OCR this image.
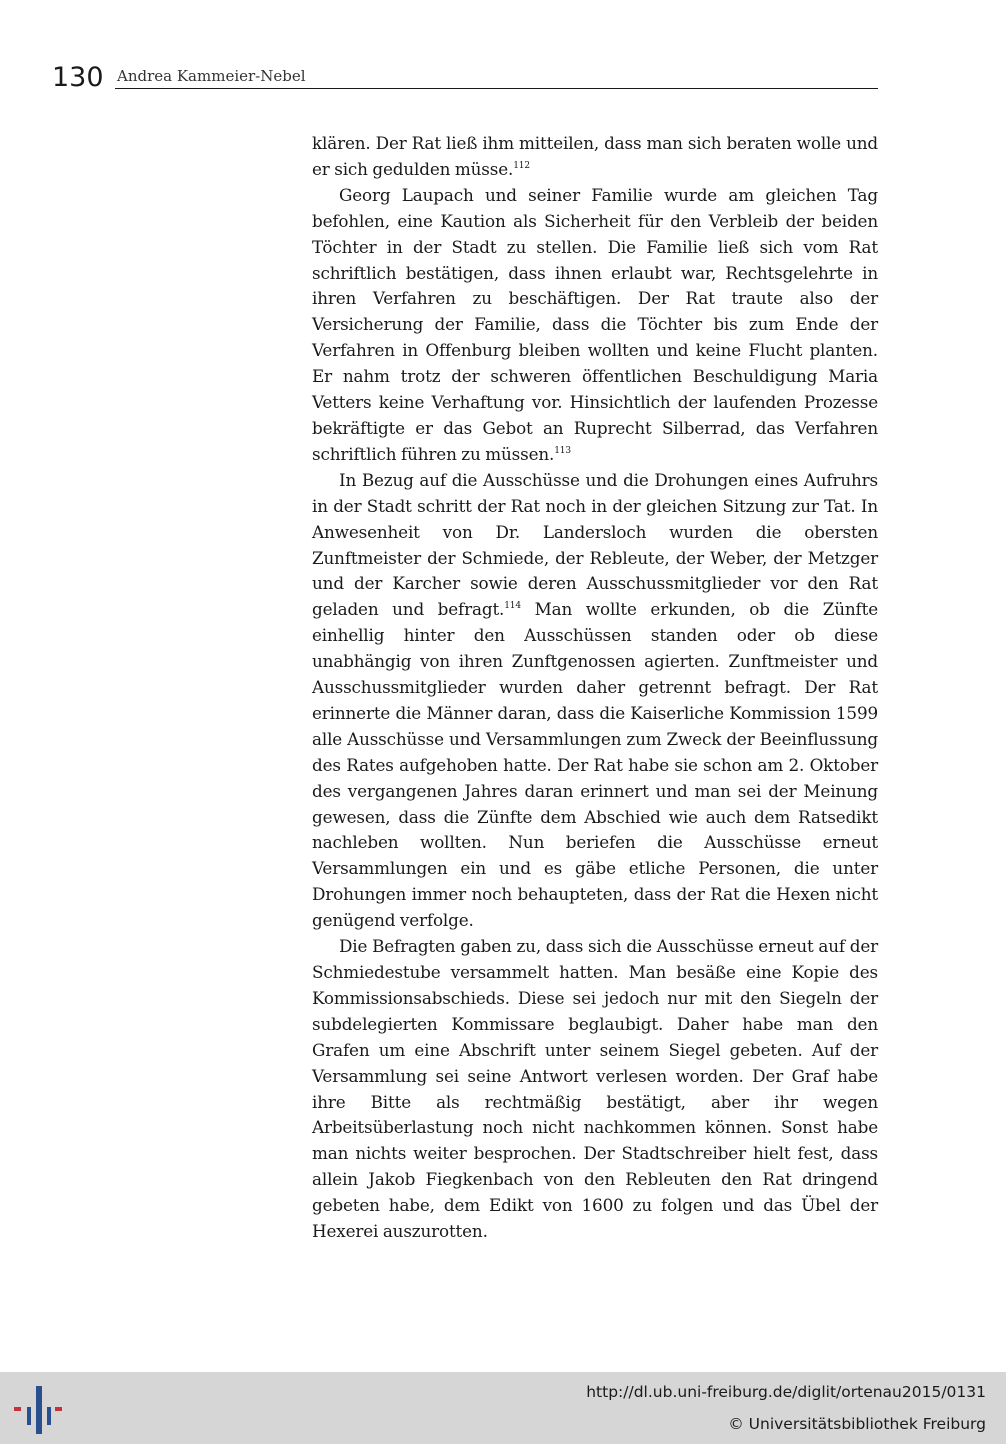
130 Andrea Kammeier-Nebel

klären. Der Rat ließ ihm mitteilen, dass man sich beraten wolle und er sich gedulden müsse.$^{112}$

Georg Laupach und seiner Familie wurde am gleichen Tag befohlen, eine Kaution als Sicherheit für den Verbleib der beiden Töchter in der Stadt zu stellen. Die Familie ließ sich vom Rat schriftlich bestätigen, dass ihnen erlaubt war, Rechtsgelehrte in ihren Verfahren zu beschäftigen. Der Rat traute also der Versicherung der Familie, dass die Töchter bis zum Ende der Verfahren in Offenburg bleiben wollten und keine Flucht planten. Er nahm trotz der schweren öffentlichen Beschuldigung Maria Vetters keine Verhaftung vor. Hinsichtlich der laufenden Prozesse bekräftigte er das Gebot an Ruprecht Silberrad, das Verfahren schriftlich führen zu müssen.$^{113}$

In Bezug auf die Ausschüsse und die Drohungen eines Aufruhrs in der Stadt schritt der Rat noch in der gleichen Sitzung zur Tat. In Anwesenheit von Dr. Landersloch wurden die obersten Zunftmeister der Schmiede, der Rebleute, der Weber, der Metzger und der Karcher sowie deren Ausschussmitglieder vor den Rat geladen und befragt.$^{114}$ Man wollte erkunden, ob die Zünfte einhellig hinter den Ausschüssen standen oder ob diese unabhängig von ihren Zunftgenossen agierten. Zunftmeister und Ausschussmitglieder wurden daher getrennt befragt. Der Rat erinnerte die Männer daran, dass die Kaiserliche Kommission 1599 alle Ausschüsse und Versammlungen zum Zweck der Beeinflussung des Rates aufgehoben hatte. Der Rat habe sie schon am 2. Oktober des vergangenen Jahres daran erinnert und man sei der Meinung gewesen, dass die Zünfte dem Abschied wie auch dem Ratsedikt nachleben wollten. Nun beriefen die Ausschüsse erneut Versammlungen ein und es gäbe etliche Personen, die unter Drohungen immer noch behaupteten, dass der Rat die Hexen nicht genügend verfolge.

Die Befragten gaben zu, dass sich die Ausschüsse erneut auf der Schmiedestube versammelt hatten. Man besäße eine Kopie des Kommissionsabschieds. Diese sei jedoch nur mit den Siegeln der subdelegierten Kommissare beglaubigt. Daher habe man den Grafen um eine Abschrift unter seinem Siegel gebeten. Auf der Versammlung sei seine Antwort verlesen worden. Der Graf habe ihre Bitte als rechtmäßig bestätigt, aber ihr wegen Arbeitsüberlastung noch nicht nachkommen können. Sonst habe man nichts weiter besprochen. Der Stadtschreiber hielt fest, dass allein Jakob Fiegkenbach von den Rebleuten den Rat dringend gebeten habe, dem Edikt von 1600 zu folgen und das Übel der Hexerei auszurotten.

http://dl.ub.uni-freiburg.de/diglit/ortenau2015/0131
© Universitätsbibliothek Freiburg
